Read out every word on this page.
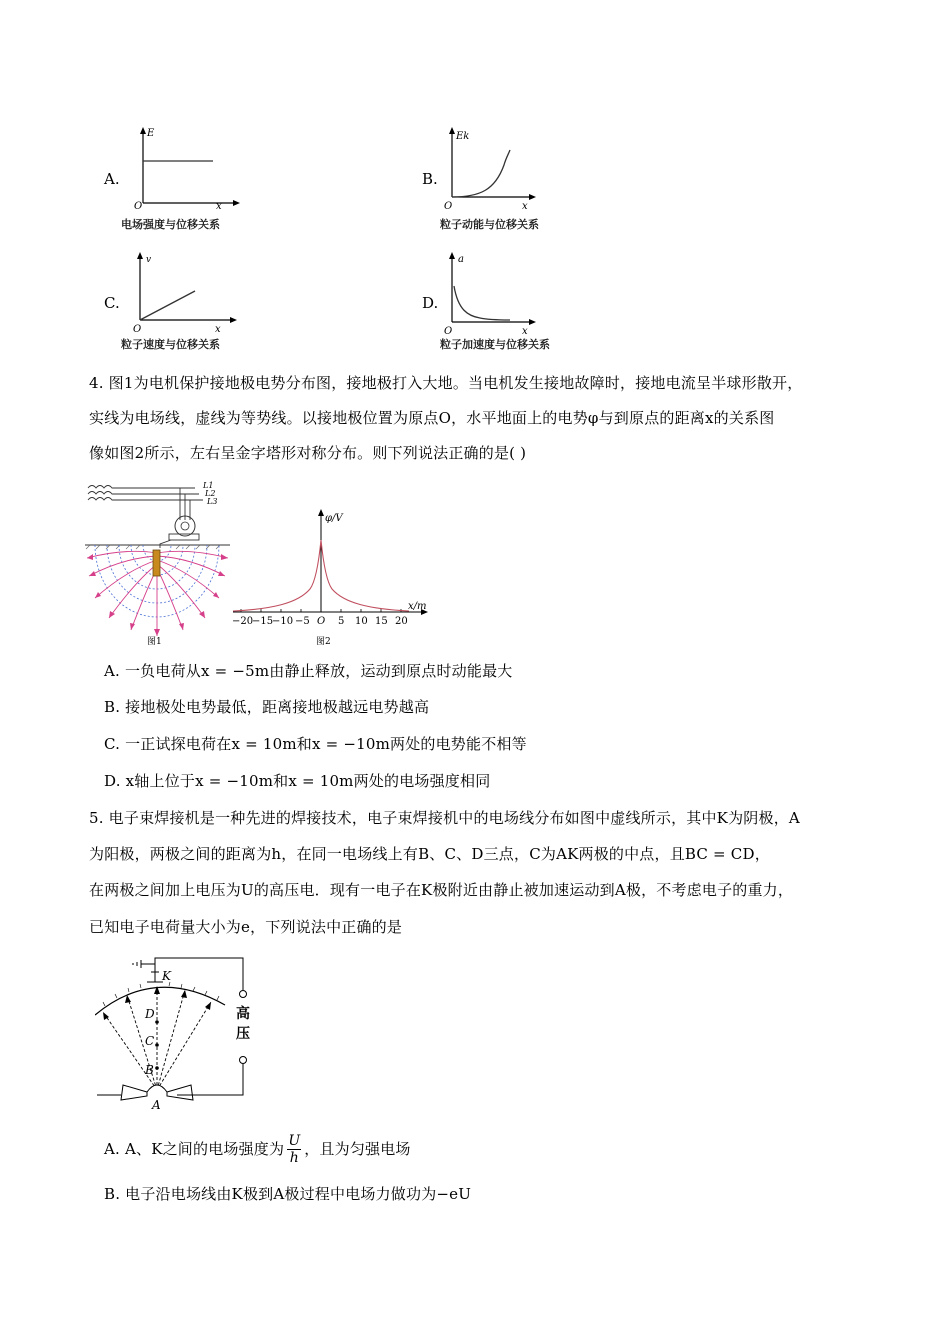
A.
E
O	x
电场强度与位移关系
B.
Ek
O	x
粒子动能与位移关系
C.
v
O	x
粒子速度与位移关系
D.
a
O	x
粒子加速度与位移关系
4. 图1为电机保护接地极电势分布图，接地极打入大地。当电机发生接地故障时，接地电流呈半球形散开，
实线为电场线，虚线为等势线。以接地极位置为原点O，水平地面上的电势φ与到原点的距离x的关系图
像如图2所示，左右呈金字塔形对称分布。则下列说法正确的是( )
L1
L2
L3
图1
φ/V
x/m
−20
−15
−10 −5 O 5 10 15 20
图2
A. 一负电荷从x = −5m由静止释放，运动到原点时动能最大
B. 接地极处电势最低，距离接地极越远电势越高
C. 一正试探电荷在x = 10m和x = −10m两处的电势能不相等
D. x轴上位于x = −10m和x = 10m两处的电场强度相同
5. 电子束焊接机是一种先进的焊接技术，电子束焊接机中的电场线分布如图中虚线所示，其中K为阴极，A
为阳极，两极之间的距离为h，在同一电场线上有B、C、D三点，C为AK两极的中点，且BC = CD，
在两极之间加上电压为U的高压电．现有一电子在K极附近由静止被加速运动到A极，不考虑电子的重力，
已知电子电荷量大小为e，下列说法中正确的是
K
D
C
B
A
高
压
A. A、K之间的电场强度为 U
h ，且为匀强电场
B. 电子沿电场线由K极到A极过程中电场力做功为−eU
